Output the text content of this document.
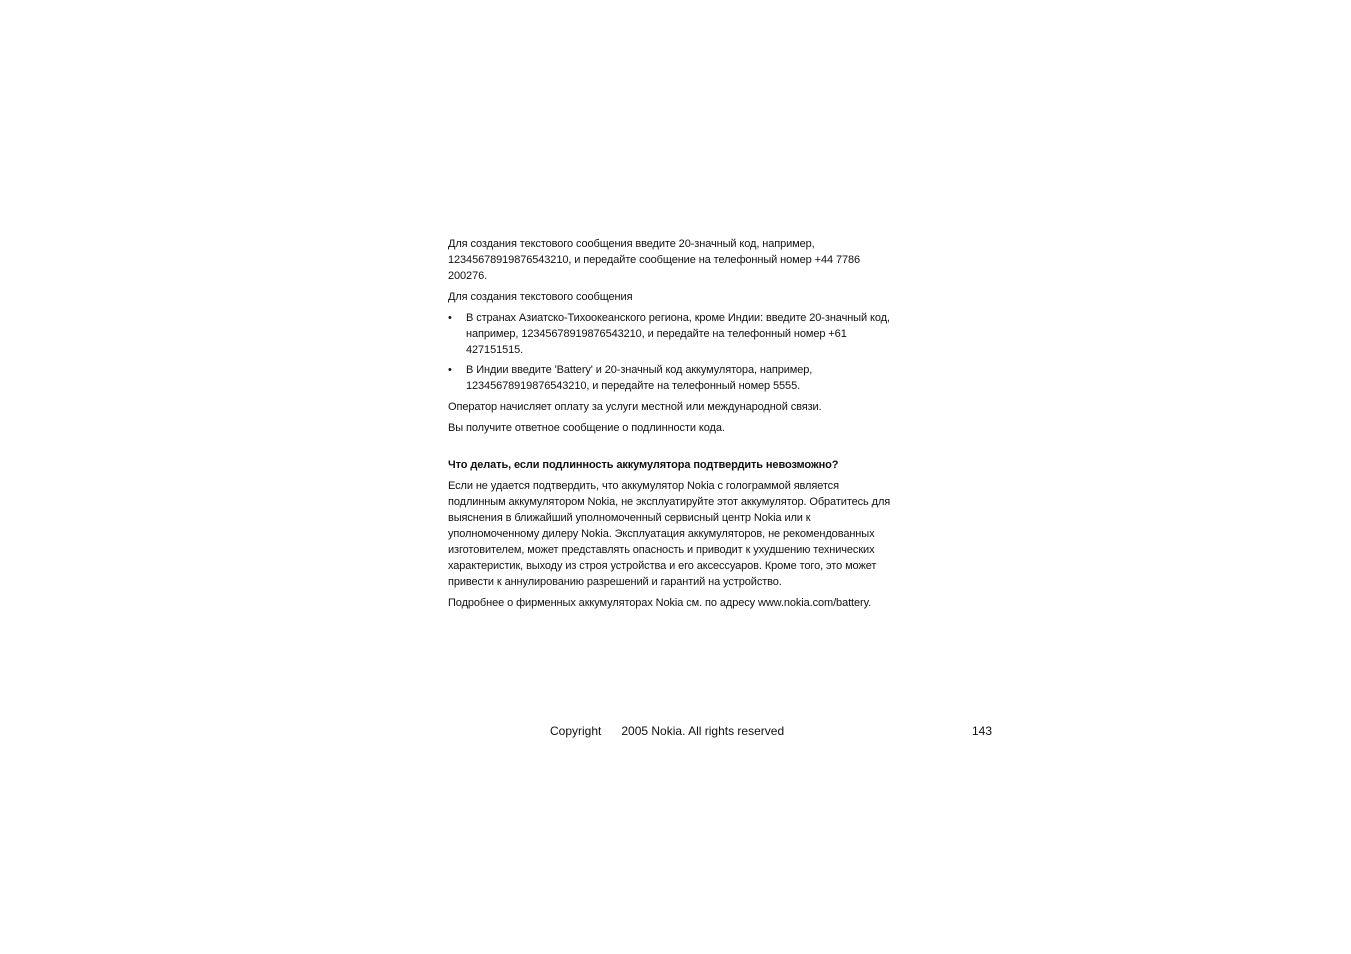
Для создания текстового сообщения введите 20-значный код, например, 12345678919876543210, и передайте сообщение на телефонный номер +44 7786 200276.

Для создания текстового сообщения

• В странах Азиатско-Тихоокеанского региона, кроме Индии: введите 20-значный код, например, 12345678919876543210, и передайте на телефонный номер +61 427151515.
• В Индии введите 'Battery' и 20-значный код аккумулятора, например, 12345678919876543210, и передайте на телефонный номер 5555.

Оператор начисляет оплату за услуги местной или международной связи.

Вы получите ответное сообщение о подлинности кода.

Что делать, если подлинность аккумулятора подтвердить невозможно?

Если не удается подтвердить, что аккумулятор Nokia с голограммой является подлинным аккумулятором Nokia, не эксплуатируйте этот аккумулятор. Обратитесь для выяснения в ближайший уполномоченный сервисный центр Nokia или к уполномоченному дилеру Nokia. Эксплуатация аккумуляторов, не рекомендованных изготовителем, может представлять опасность и приводит к ухудшению технических характеристик, выходу из строя устройства и его аксессуаров. Кроме того, это может привести к аннулированию разрешений и гарантий на устройство.

Подробнее о фирменных аккумуляторах Nokia см. по адресу www.nokia.com/battery.

Copyright      2005 Nokia. All rights reserved	143
